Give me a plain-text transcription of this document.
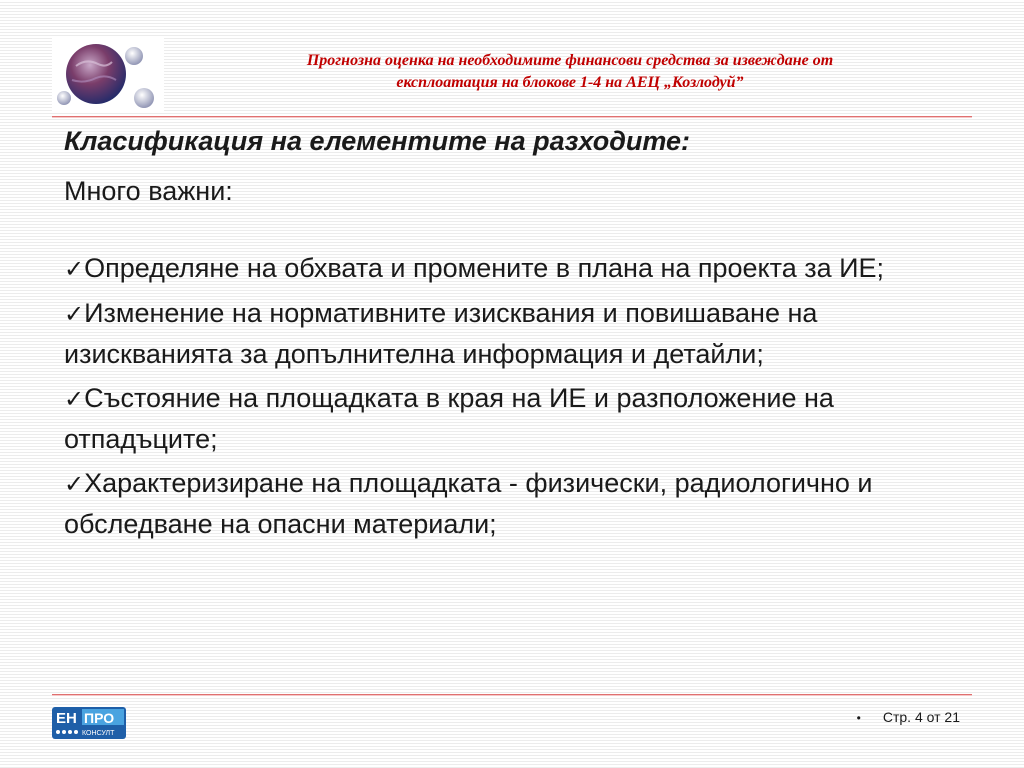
Прогнозна оценка на необходимите финансови средства за извеждане от
експлоатация на блокове 1-4 на АЕЦ „Козлодуй”
Класификация на елементите на разходите:
Много важни:
✓Определяне на обхвата и промените в плана на проекта за ИЕ;
✓Изменение на нормативните изисквания и повишаване на изискванията за допълнителна информация и детайли;
✓Състояние на площадката в края на ИЕ и разположение на отпадъците;
✓Характеризиране на площадката - физически, радиологично и обследване на опасни материали;
ЕН ПРО
КОНСУЛТ
• Стр. 4 от 21
